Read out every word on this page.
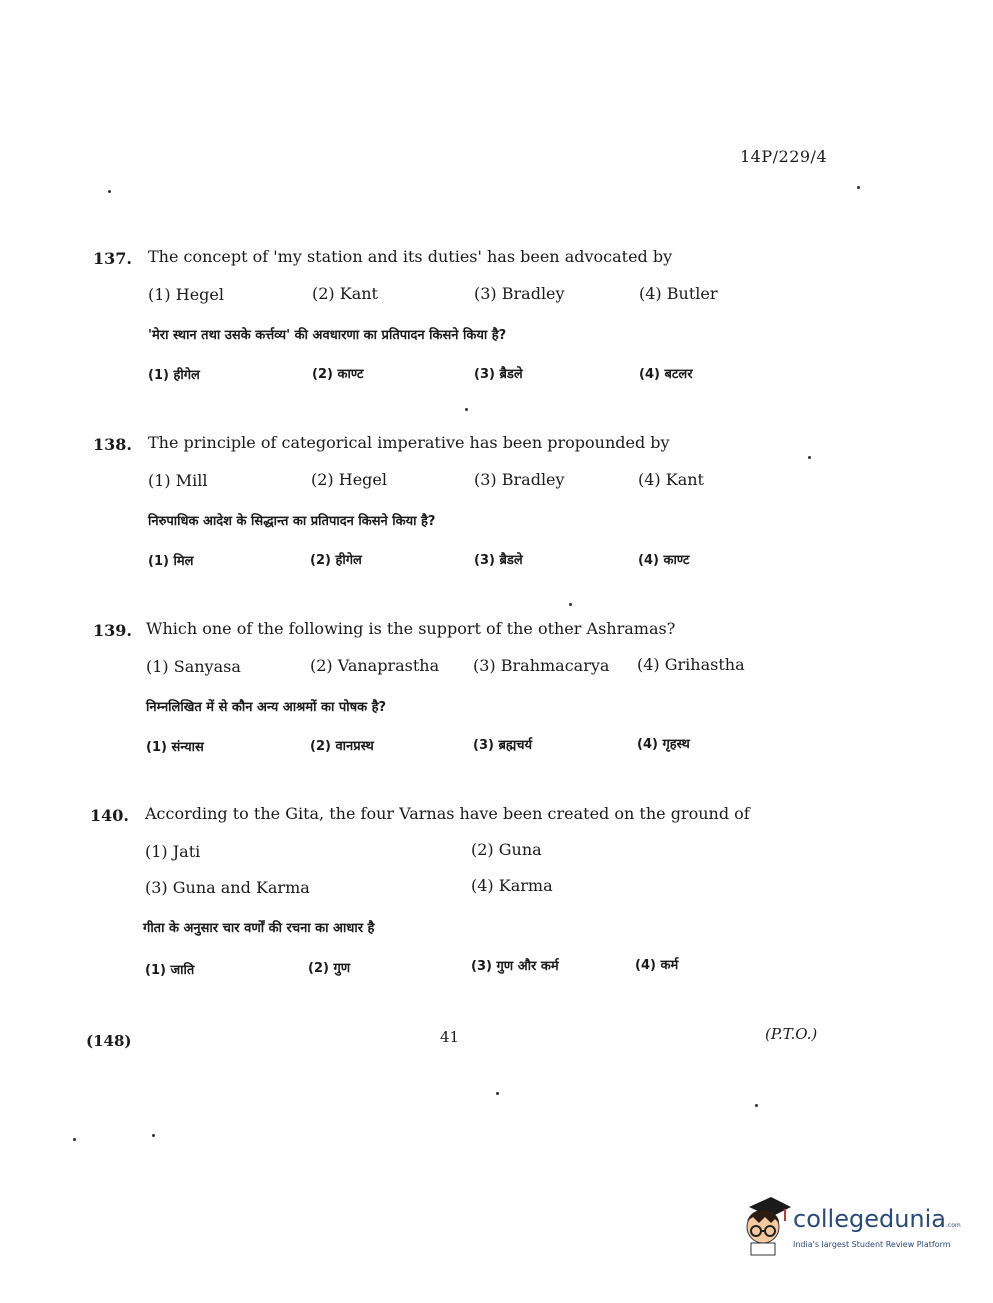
14P/229/4
137. The concept of 'my station and its duties' has been advocated by
(1) Hegel	(2) Kant	(3) Bradley	(4) Butler
'मेरा स्थान तथा उसके कर्त्तव्य' की अवधारणा का प्रतिपादन किसने किया है?
(1) हीगेल	(2) काण्ट	(3) ब्रैडले	(4) बटलर
138. The principle of categorical imperative has been propounded by
(1) Mill	(2) Hegel	(3) Bradley	(4) Kant
निरुपाधिक आदेश के सिद्धान्त का प्रतिपादन किसने किया है?
(1) मिल	(2) हीगेल	(3) ब्रैडले	(4) काण्ट
139. Which one of the following is the support of the other Ashramas?
(1) Sanyasa	(2) Vanaprastha (3) Brahmacarya (4) Grihastha
निम्नलिखित में से कौन अन्य आश्रमों का पोषक है?
(1) संन्यास	(2) वानप्रस्थ	(3) ब्रह्मचर्य	(4) गृहस्थ
140. According to the Gita, the four Varnas have been created on the ground of
(1) Jati	(2) Guna
(3) Guna and Karma	(4) Karma
गीता के अनुसार चार वर्णों की रचना का आधार है
(1) जाति	(2) गुण	(3) गुण और कर्म	(4) कर्म
(148)	41	(P.T.O.)
collegedunia.com
India's largest Student Review Platform
